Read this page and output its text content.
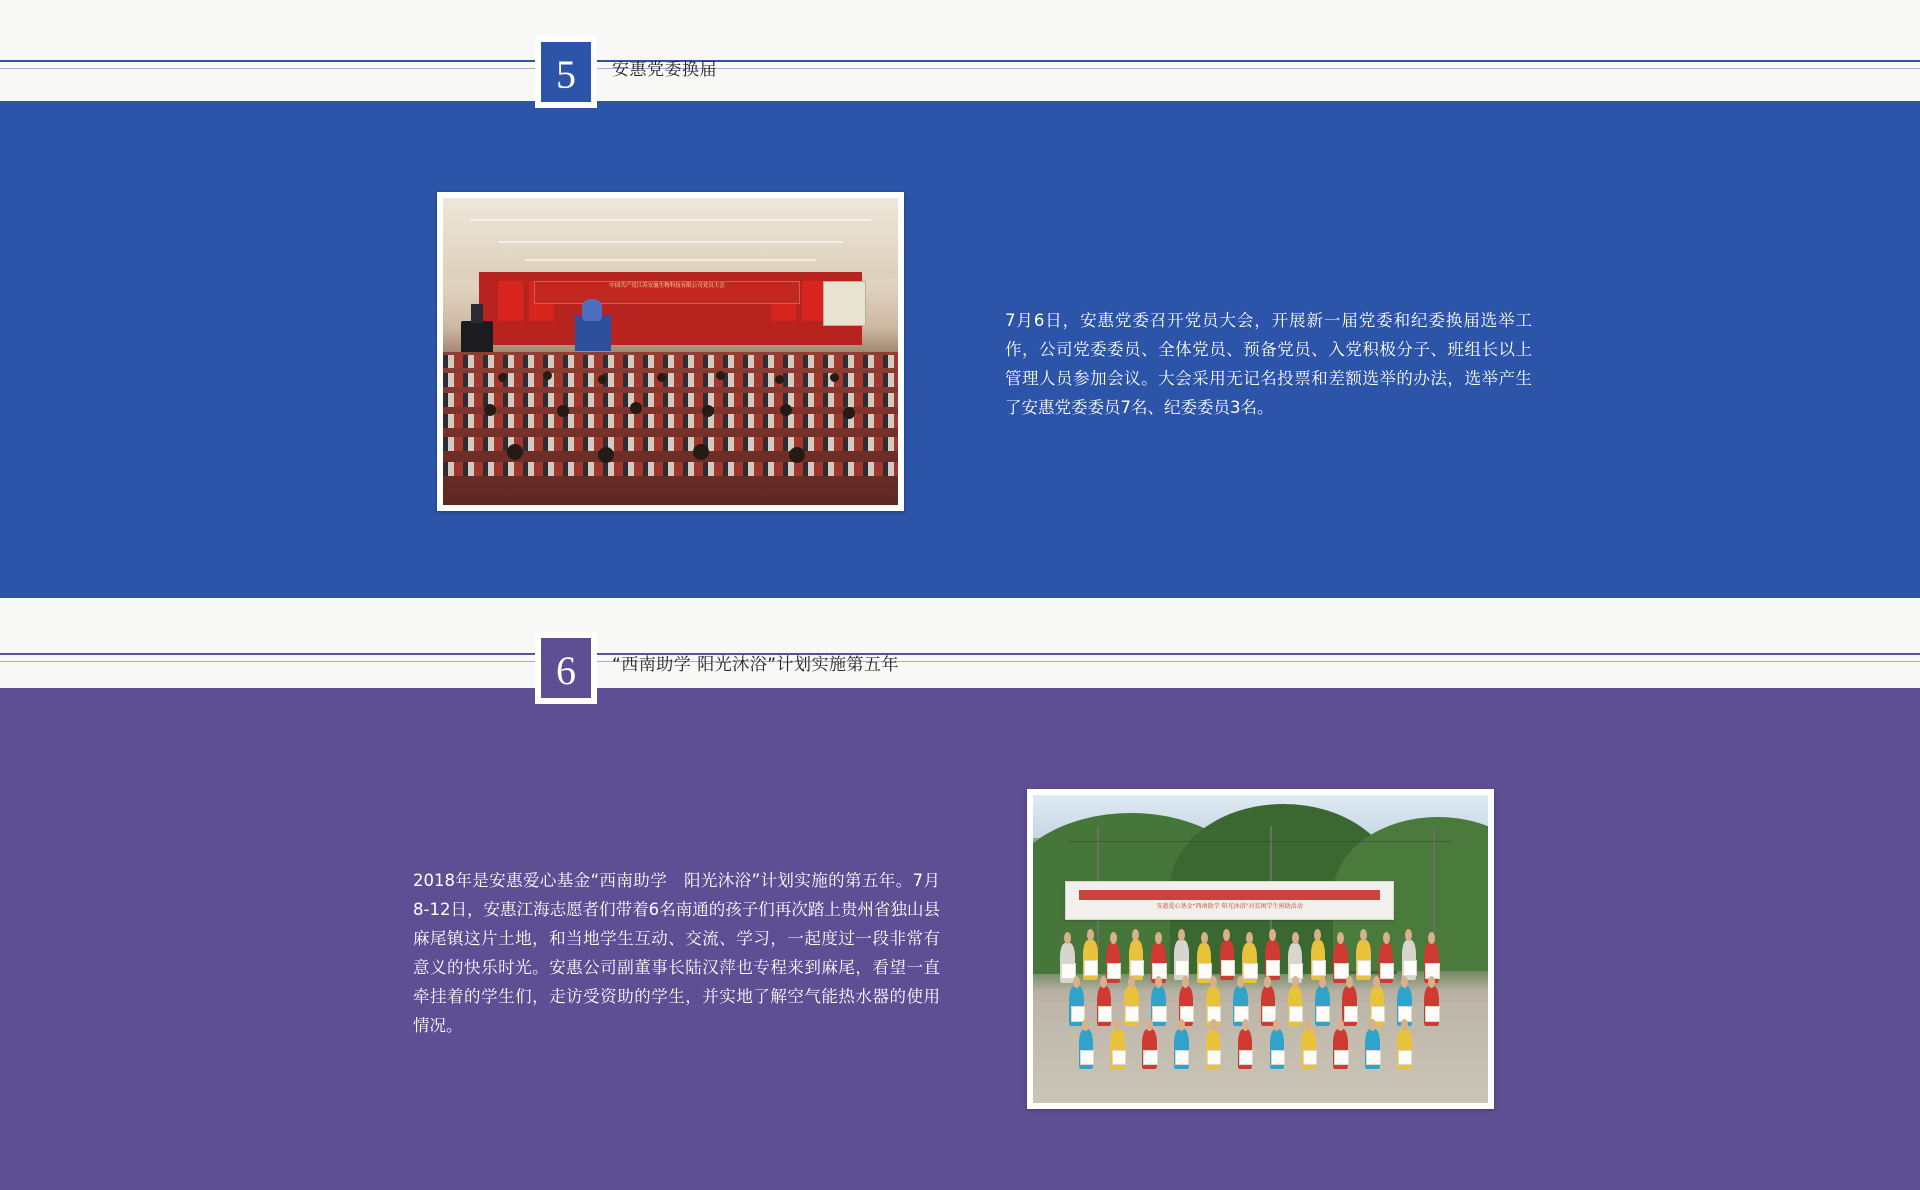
5	安惠党委换届
中国共产党江苏安惠生物科技有限公司党员大会
7月6日，安惠党委召开党员大会，开展新一届党委和纪委换届选举工作，公司党委委员、全体党员、预备党员、入党积极分子、班组长以上管理人员参加会议。大会采用无记名投票和差额选举的办法，选举产生了安惠党委委员7名、纪委委员3名。
6	“西南助学 阳光沐浴”计划实施第五年
2018年是安惠爱心基金“西南助学　阳光沐浴”计划实施的第五年。7月8-12日，安惠江海志愿者们带着6名南通的孩子们再次踏上贵州省独山县麻尾镇这片土地，和当地学生互动、交流、学习，一起度过一段非常有意义的快乐时光。安惠公司副董事长陆汉萍也专程来到麻尾，看望一直牵挂着的学生们，走访受资助的学生，并实地了解空气能热水器的使用情况。
安惠爱心基金“西南助学 阳光沐浴”对贫困学生捐助活动
